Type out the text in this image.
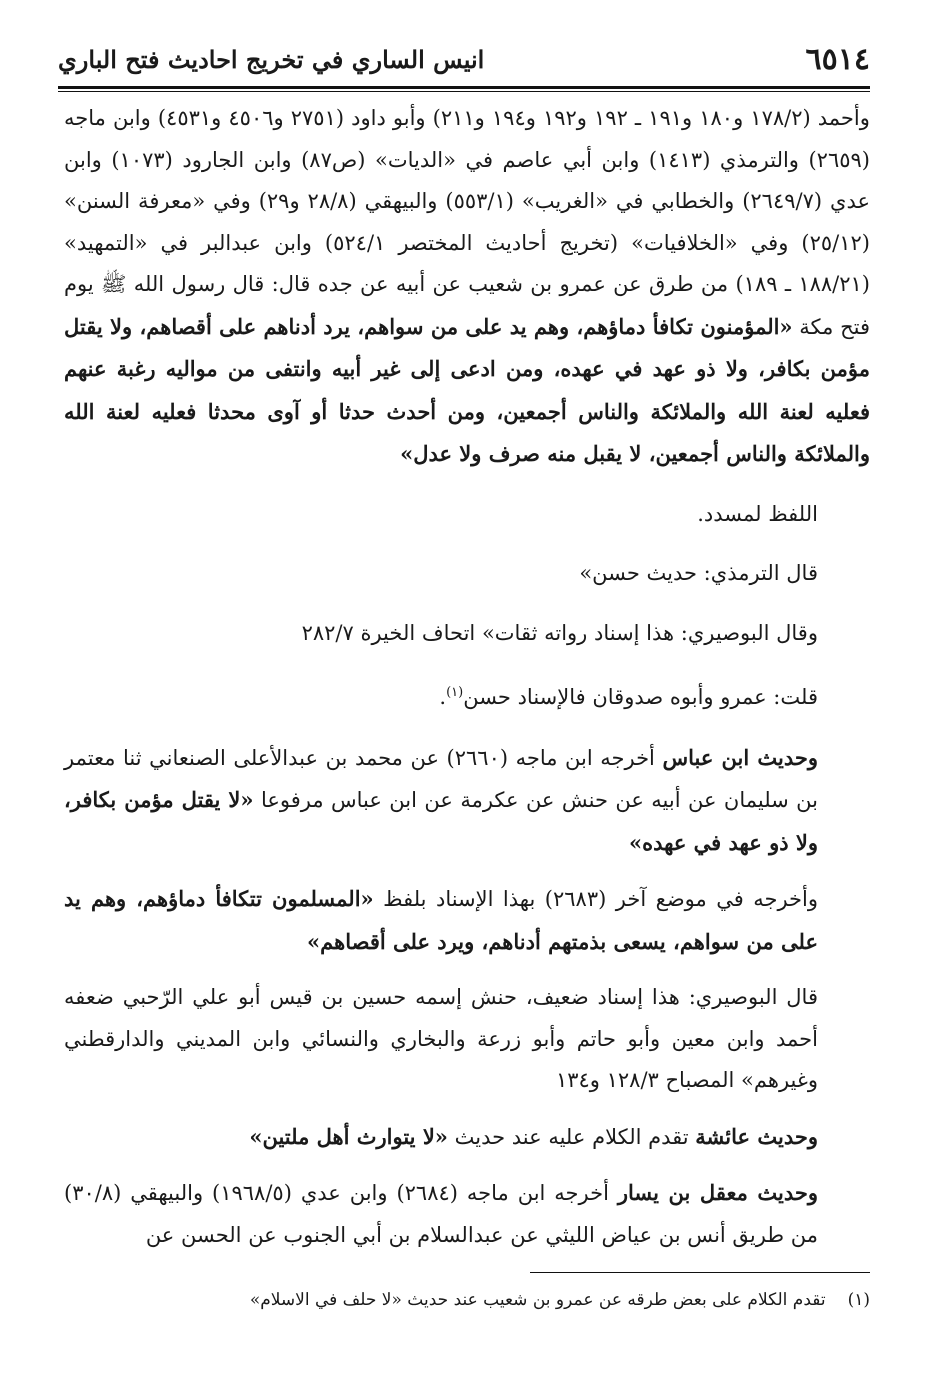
٦٥١٤
انيس الساري في تخريج احاديث فتح الباري

وأحمد (١٧٨/٢ و١٨٠ و١٩١ ـ ١٩٢ و١٩٢ و١٩٤ و٢١١) وأبو داود (٢٧٥١ و٤٥٠٦ و٤٥٣١) وابن ماجه (٢٦٥٩) والترمذي (١٤١٣) وابن أبي عاصم في «الديات» (ص٨٧) وابن الجارود (١٠٧٣) وابن عدي (٢٦٤٩/٧) والخطابي في «الغريب» (٥٥٣/١) والبيهقي (٢٨/٨ و٢٩) وفي «معرفة السنن» (٢٥/١٢) وفي «الخلافيات» (تخريج أحاديث المختصر ٥٢٤/١) وابن عبدالبر في «التمهيد» (١٨٨/٢١ ـ ١٨٩) من طرق عن عمرو بن شعيب عن أبيه عن جده قال: قال رسول الله ﷺ يوم فتح مكة «المؤمنون تكافأ دماؤهم، وهم يد على من سواهم، يرد أدناهم على أقصاهم، ولا يقتل مؤمن بكافر، ولا ذو عهد في عهده، ومن ادعى إلى غير أبيه وانتفى من مواليه رغبة عنهم فعليه لعنة الله والملائكة والناس أجمعين، ومن أحدث حدثا أو آوى محدثا فعليه لعنة الله والملائكة والناس أجمعين، لا يقبل منه صرف ولا عدل»

اللفظ لمسدد.

قال الترمذي: حديث حسن»

وقال البوصيري: هذا إسناد رواته ثقات» اتحاف الخيرة ٢٨٢/٧

قلت: عمرو وأبوه صدوقان فالإسناد حسن$^{(١)}$.

وحديث ابن عباس أخرجه ابن ماجه (٢٦٦٠) عن محمد بن عبدالأعلى الصنعاني ثنا معتمر بن سليمان عن أبيه عن حنش عن عكرمة عن ابن عباس مرفوعا «لا يقتل مؤمن بكافر، ولا ذو عهد في عهده»

وأخرجه في موضع آخر (٢٦٨٣) بهذا الإسناد بلفظ «المسلمون تتكافأ دماؤهم، وهم يد على من سواهم، يسعى بذمتهم أدناهم، ويرد على أقصاهم»

قال البوصيري: هذا إسناد ضعيف، حنش إسمه حسين بن قيس أبو علي الرّحبي ضعفه أحمد وابن معين وأبو حاتم وأبو زرعة والبخاري والنسائي وابن المديني والدارقطني وغيرهم» المصباح ١٢٨/٣ و١٣٤

وحديث عائشة تقدم الكلام عليه عند حديث «لا يتوارث أهل ملتين»

وحديث معقل بن يسار أخرجه ابن ماجه (٢٦٨٤) وابن عدي (١٩٦٨/٥) والبيهقي (٣٠/٨) من طريق أنس بن عياض الليثي عن عبدالسلام بن أبي الجنوب عن الحسن عن

(١)تقدم الكلام على بعض طرقه عن عمرو بن شعيب عند حديث «لا حلف في الاسلام»
